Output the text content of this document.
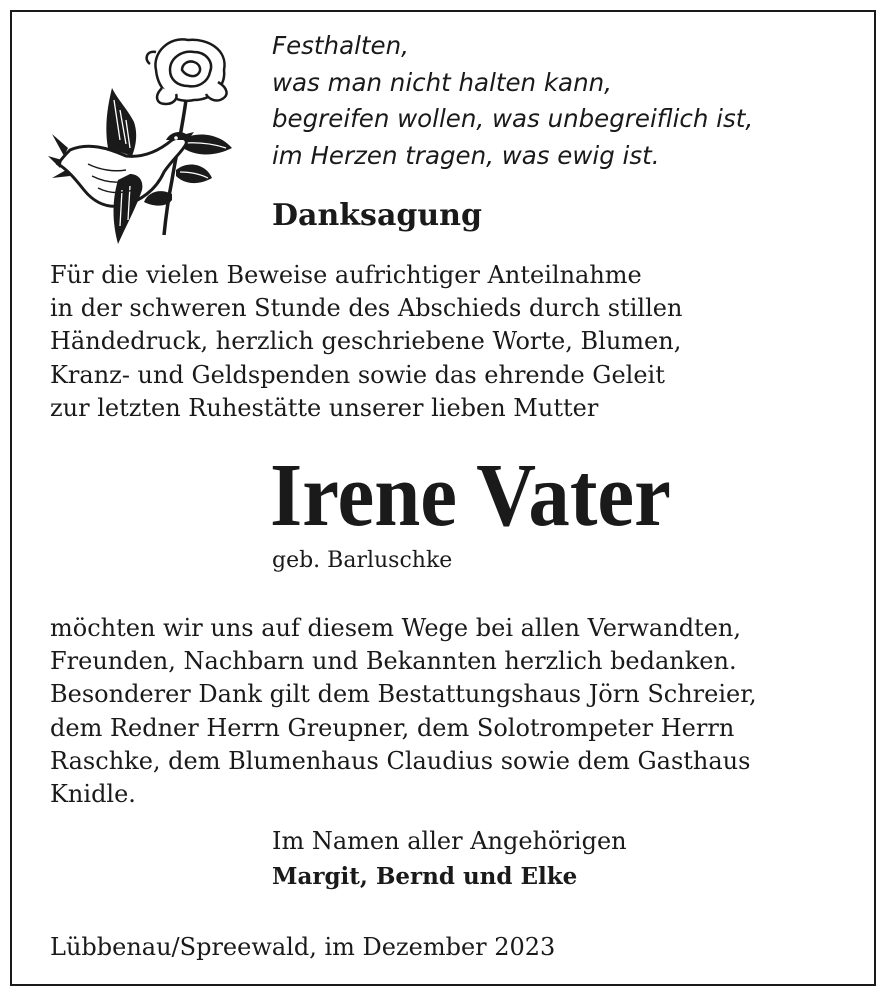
Festhalten,
was man nicht halten kann,
begreifen wollen, was unbegreiflich ist,
im Herzen tragen, was ewig ist.
Danksagung
Für die vielen Beweise aufrichtiger Anteilnahme
in der schweren Stunde des Abschieds durch stillen
Händedruck, herzlich geschriebene Worte, Blumen,
Kranz- und Geldspenden sowie das ehrende Geleit
zur letzten Ruhestätte unserer lieben Mutter
Irene Vater
geb. Barluschke
möchten wir uns auf diesem Wege bei allen Verwandten,
Freunden, Nachbarn und Bekannten herzlich bedanken.
Besonderer Dank gilt dem Bestattungshaus Jörn Schreier,
dem Redner Herrn Greupner, dem Solotrompeter Herrn
Raschke, dem Blumenhaus Claudius sowie dem Gasthaus
Knidle.
Im Namen aller Angehörigen
Margit, Bernd und Elke
Lübbenau/Spreewald, im Dezember 2023
